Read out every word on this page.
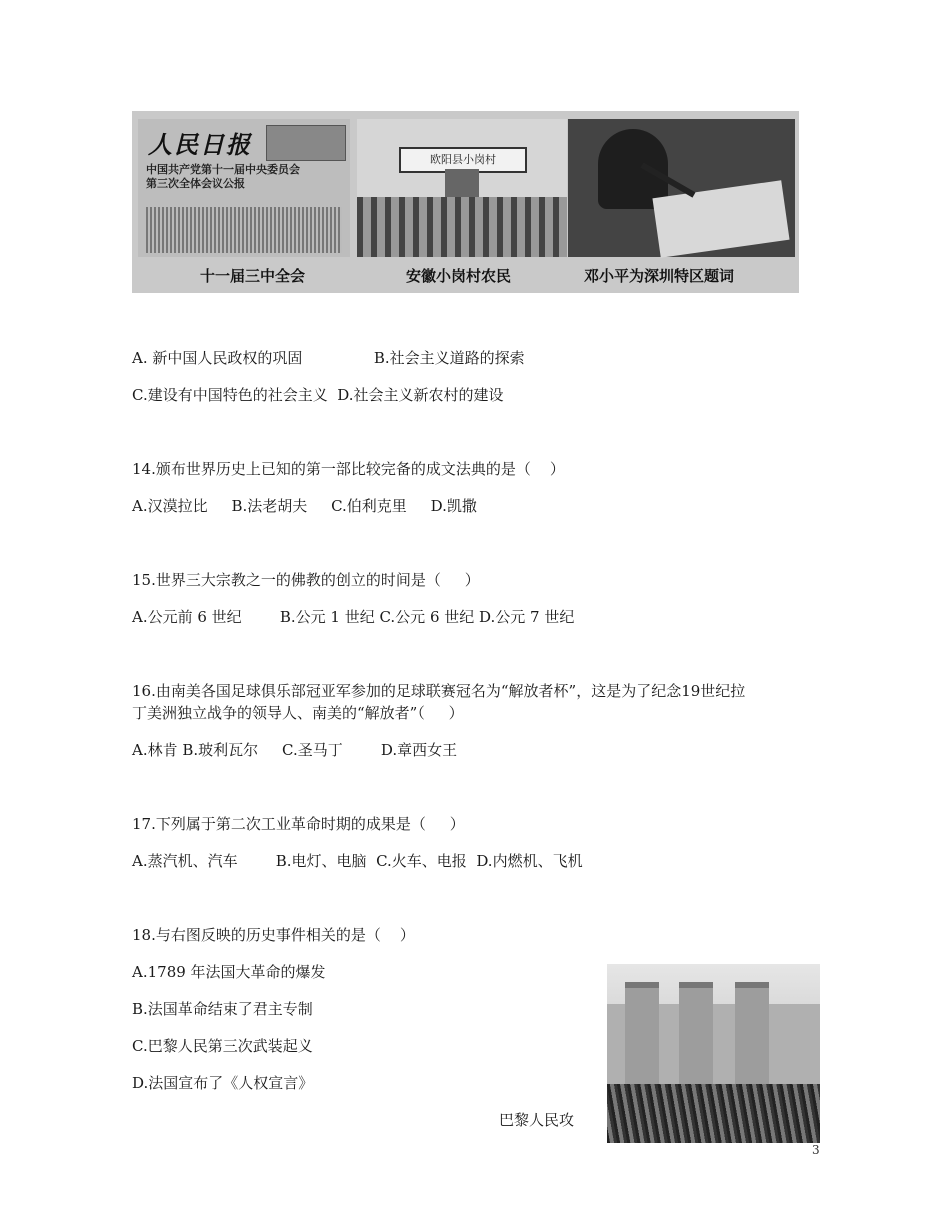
人民日报
中国共产党第十一届中央委员会第三次全体会议公报
欧阳县小岗村
十一届三中全会	安徽小岗村农民	邓小平为深圳特区题词
A. 新中国人民政权的巩固               B.社会主义道路的探索
C.建设有中国特色的社会主义  D.社会主义新农村的建设
14.颁布世界历史上已知的第一部比较完备的成文法典的是（    ）
A.汉漠拉比     B.法老胡夫     C.伯利克里     D.凯撒
15.世界三大宗教之一的佛教的创立的时间是（     ）
A.公元前 6 世纪        B.公元 1 世纪 C.公元 6 世纪 D.公元 7 世纪
16.由南美各国足球俱乐部冠亚军参加的足球联赛冠名为“解放者杯”，这是为了纪念19世纪拉
丁美洲独立战争的领导人、南美的“解放者”（     ）
A.林肯 B.玻利瓦尔     C.圣马丁        D.章西女王
17.下列属于第二次工业革命时期的成果是（     ）
A.蒸汽机、汽车        B.电灯、电脑  C.火车、电报  D.内燃机、飞机
18.与右图反映的历史事件相关的是（    ）
A.1789 年法国大革命的爆发
B.法国革命结束了君主专制
C.巴黎人民第三次武装起义
D.法国宣布了《人权宣言》
巴黎人民攻
3
